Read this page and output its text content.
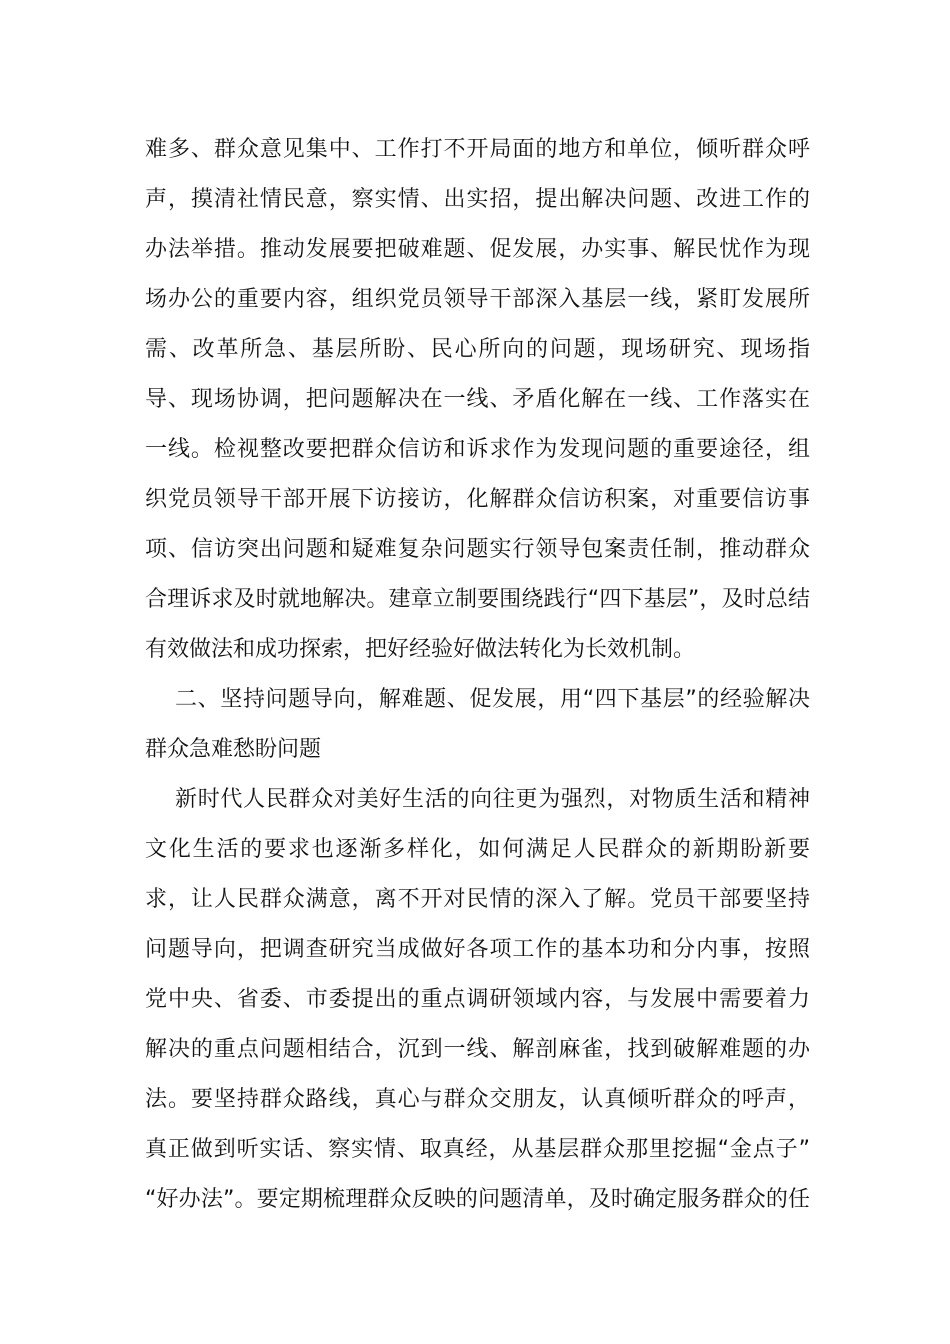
难多、群众意见集中、工作打不开局面的地方和单位，倾听群众呼
声，摸清社情民意，察实情、出实招，提出解决问题、改进工作的
办法举措。推动发展要把破难题、促发展，办实事、解民忧作为现
场办公的重要内容，组织党员领导干部深入基层一线，紧盯发展所
需、改革所急、基层所盼、民心所向的问题，现场研究、现场指
导、现场协调，把问题解决在一线、矛盾化解在一线、工作落实在
一线。检视整改要把群众信访和诉求作为发现问题的重要途径，组
织党员领导干部开展下访接访，化解群众信访积案，对重要信访事
项、信访突出问题和疑难复杂问题实行领导包案责任制，推动群众
合理诉求及时就地解决。建章立制要围绕践行“四下基层”，及时总结
有效做法和成功探索，把好经验好做法转化为长效机制。
二、坚持问题导向，解难题、促发展，用“四下基层”的经验解决
群众急难愁盼问题
新时代人民群众对美好生活的向往更为强烈，对物质生活和精神
文化生活的要求也逐渐多样化，如何满足人民群众的新期盼新要
求，让人民群众满意，离不开对民情的深入了解。党员干部要坚持
问题导向，把调查研究当成做好各项工作的基本功和分内事，按照
党中央、省委、市委提出的重点调研领域内容，与发展中需要着力
解决的重点问题相结合，沉到一线、解剖麻雀，找到破解难题的办
法。要坚持群众路线，真心与群众交朋友，认真倾听群众的呼声，
真正做到听实话、察实情、取真经，从基层群众那里挖掘“金点子”
“好办法”。要定期梳理群众反映的问题清单，及时确定服务群众的任
